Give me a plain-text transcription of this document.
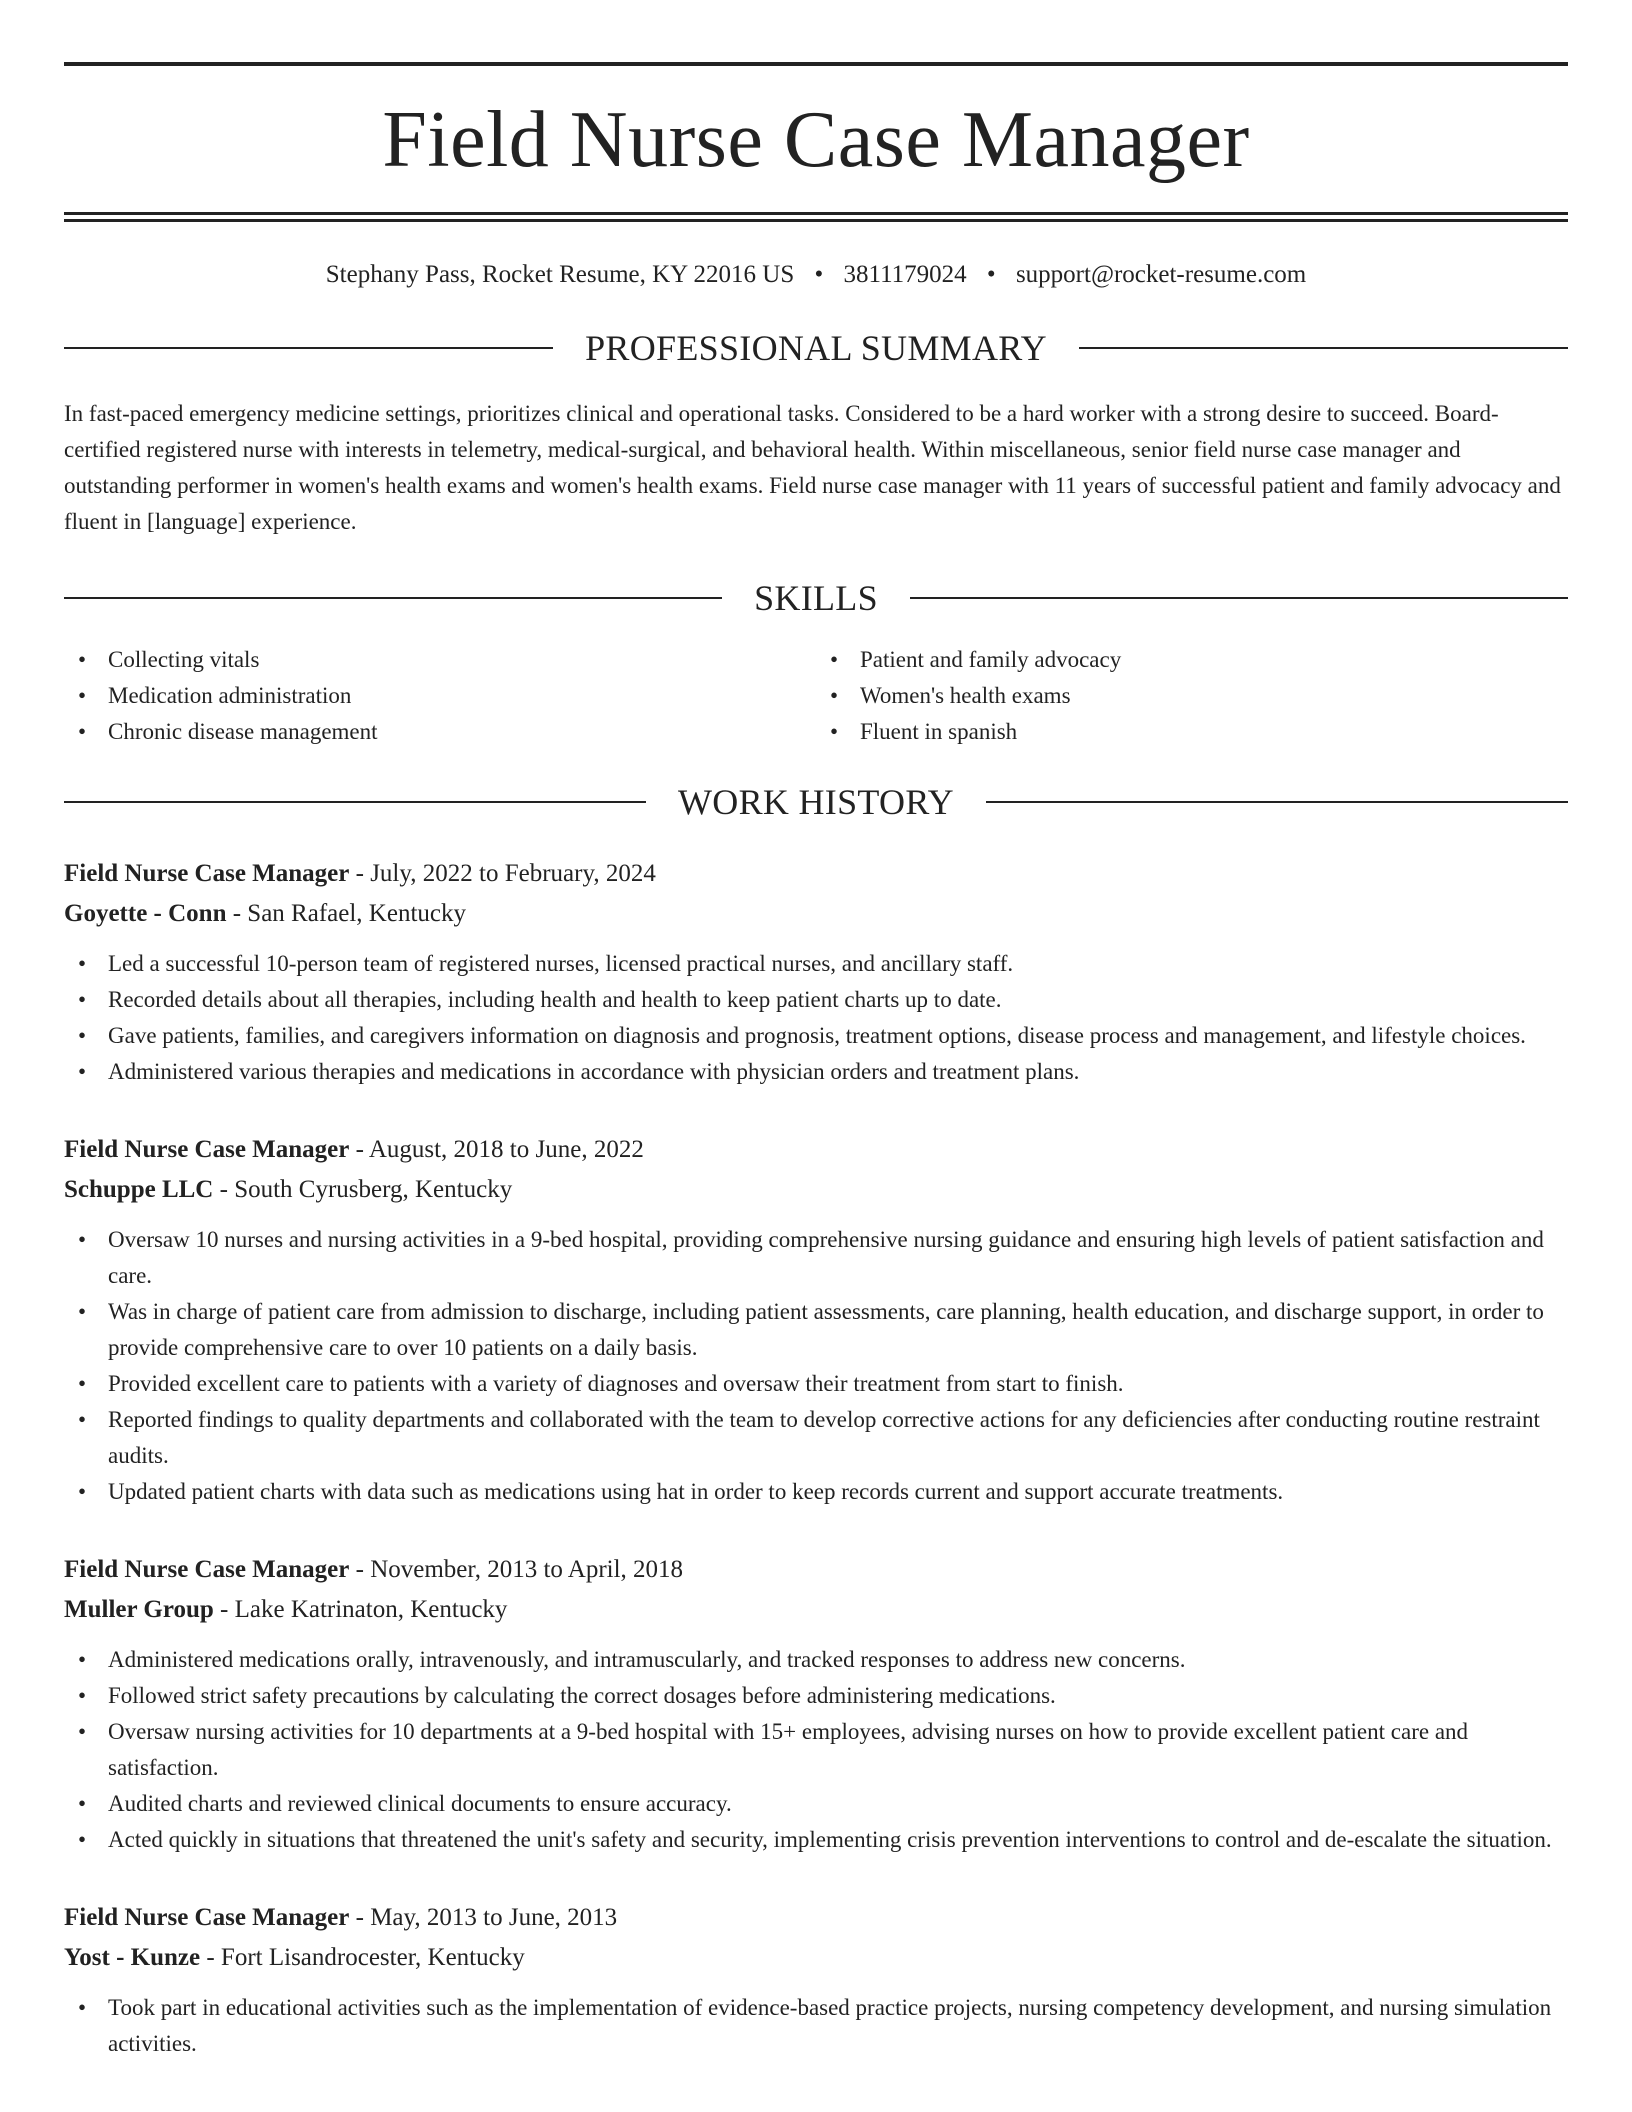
Field Nurse Case Manager
Stephany Pass, Rocket Resume, KY 22016 US • 3811179024 • support@rocket-resume.com
PROFESSIONAL SUMMARY

In fast-paced emergency medicine settings, prioritizes clinical and operational tasks. Considered to be a hard worker with a strong desire to succeed. Board-certified registered nurse with interests in telemetry, medical-surgical, and behavioral health. Within miscellaneous, senior field nurse case manager and outstanding performer in women's health exams and women's health exams. Field nurse case manager with 11 years of successful patient and family advocacy and fluent in [language] experience.

SKILLS
• Collecting vitals
• Medication administration
• Chronic disease management
• Patient and family advocacy
• Women's health exams
• Fluent in spanish
WORK HISTORY
Field Nurse Case Manager - July, 2022 to February, 2024
Goyette - Conn - San Rafael, Kentucky
• Led a successful 10-person team of registered nurses, licensed practical nurses, and ancillary staff.
• Recorded details about all therapies, including health and health to keep patient charts up to date.
• Gave patients, families, and caregivers information on diagnosis and prognosis, treatment options, disease process and management, and lifestyle choices.
• Administered various therapies and medications in accordance with physician orders and treatment plans.
Field Nurse Case Manager - August, 2018 to June, 2022
Schuppe LLC - South Cyrusberg, Kentucky
• Oversaw 10 nurses and nursing activities in a 9-bed hospital, providing comprehensive nursing guidance and ensuring high levels of patient satisfaction and care.
• Was in charge of patient care from admission to discharge, including patient assessments, care planning, health education, and discharge support, in order to provide comprehensive care to over 10 patients on a daily basis.
• Provided excellent care to patients with a variety of diagnoses and oversaw their treatment from start to finish.
• Reported findings to quality departments and collaborated with the team to develop corrective actions for any deficiencies after conducting routine restraint audits.
• Updated patient charts with data such as medications using hat in order to keep records current and support accurate treatments.
Field Nurse Case Manager - November, 2013 to April, 2018
Muller Group - Lake Katrinaton, Kentucky
• Administered medications orally, intravenously, and intramuscularly, and tracked responses to address new concerns.
• Followed strict safety precautions by calculating the correct dosages before administering medications.
• Oversaw nursing activities for 10 departments at a 9-bed hospital with 15+ employees, advising nurses on how to provide excellent patient care and satisfaction.
• Audited charts and reviewed clinical documents to ensure accuracy.
• Acted quickly in situations that threatened the unit's safety and security, implementing crisis prevention interventions to control and de-escalate the situation.
Field Nurse Case Manager - May, 2013 to June, 2013
Yost - Kunze - Fort Lisandrocester, Kentucky
• Took part in educational activities such as the implementation of evidence-based practice projects, nursing competency development, and nursing simulation activities.
